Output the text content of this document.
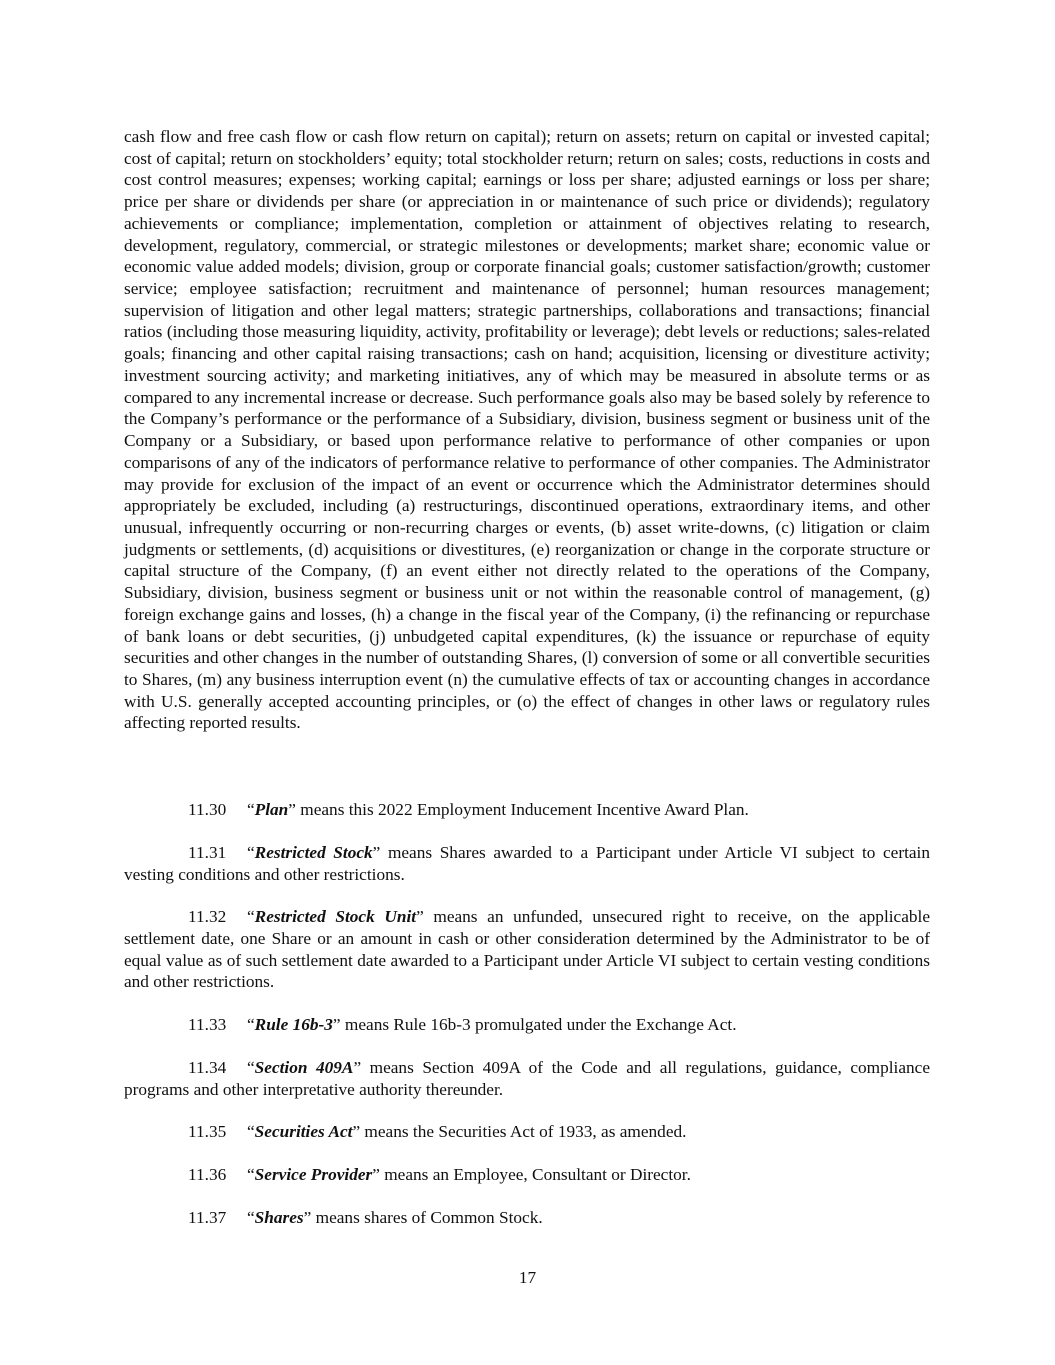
cash flow and free cash flow or cash flow return on capital); return on assets; return on capital or invested capital; cost of capital; return on stockholders’ equity; total stockholder return; return on sales; costs, reductions in costs and cost control measures; expenses; working capital; earnings or loss per share; adjusted earnings or loss per share; price per share or dividends per share (or appreciation in or maintenance of such price or dividends); regulatory achievements or compliance; implementation, completion or attainment of objectives relating to research, development, regulatory, commercial, or strategic milestones or developments; market share; economic value or economic value added models; division, group or corporate financial goals; customer satisfaction/growth; customer service; employee satisfaction; recruitment and maintenance of personnel; human resources management; supervision of litigation and other legal matters; strategic partnerships, collaborations and transactions; financial ratios (including those measuring liquidity, activity, profitability or leverage); debt levels or reductions; sales-related goals; financing and other capital raising transactions; cash on hand; acquisition, licensing or divestiture activity; investment sourcing activity; and marketing initiatives, any of which may be measured in absolute terms or as compared to any incremental increase or decrease. Such performance goals also may be based solely by reference to the Company’s performance or the performance of a Subsidiary, division, business segment or business unit of the Company or a Subsidiary, or based upon performance relative to performance of other companies or upon comparisons of any of the indicators of performance relative to performance of other companies. The Administrator may provide for exclusion of the impact of an event or occurrence which the Administrator determines should appropriately be excluded, including (a) restructurings, discontinued operations, extraordinary items, and other unusual, infrequently occurring or non-recurring charges or events, (b) asset write-downs, (c) litigation or claim judgments or settlements, (d) acquisitions or divestitures, (e) reorganization or change in the corporate structure or capital structure of the Company, (f) an event either not directly related to the operations of the Company, Subsidiary, division, business segment or business unit or not within the reasonable control of management, (g) foreign exchange gains and losses, (h) a change in the fiscal year of the Company, (i) the refinancing or repurchase of bank loans or debt securities, (j) unbudgeted capital expenditures, (k) the issuance or repurchase of equity securities and other changes in the number of outstanding Shares, (l) conversion of some or all convertible securities to Shares, (m) any business interruption event (n) the cumulative effects of tax or accounting changes in accordance with U.S. generally accepted accounting principles, or (o) the effect of changes in other laws or regulatory rules affecting reported results.

11.30 “Plan” means this 2022 Employment Inducement Incentive Award Plan.

11.31 “Restricted Stock” means Shares awarded to a Participant under Article VI subject to certain vesting conditions and other restrictions.

11.32 “Restricted Stock Unit” means an unfunded, unsecured right to receive, on the applicable settlement date, one Share or an amount in cash or other consideration determined by the Administrator to be of equal value as of such settlement date awarded to a Participant under Article VI subject to certain vesting conditions and other restrictions.

11.33 “Rule 16b-3” means Rule 16b-3 promulgated under the Exchange Act.

11.34 “Section 409A” means Section 409A of the Code and all regulations, guidance, compliance programs and other interpretative authority thereunder.

11.35 “Securities Act” means the Securities Act of 1933, as amended.

11.36 “Service Provider” means an Employee, Consultant or Director.

11.37 “Shares” means shares of Common Stock.

17
